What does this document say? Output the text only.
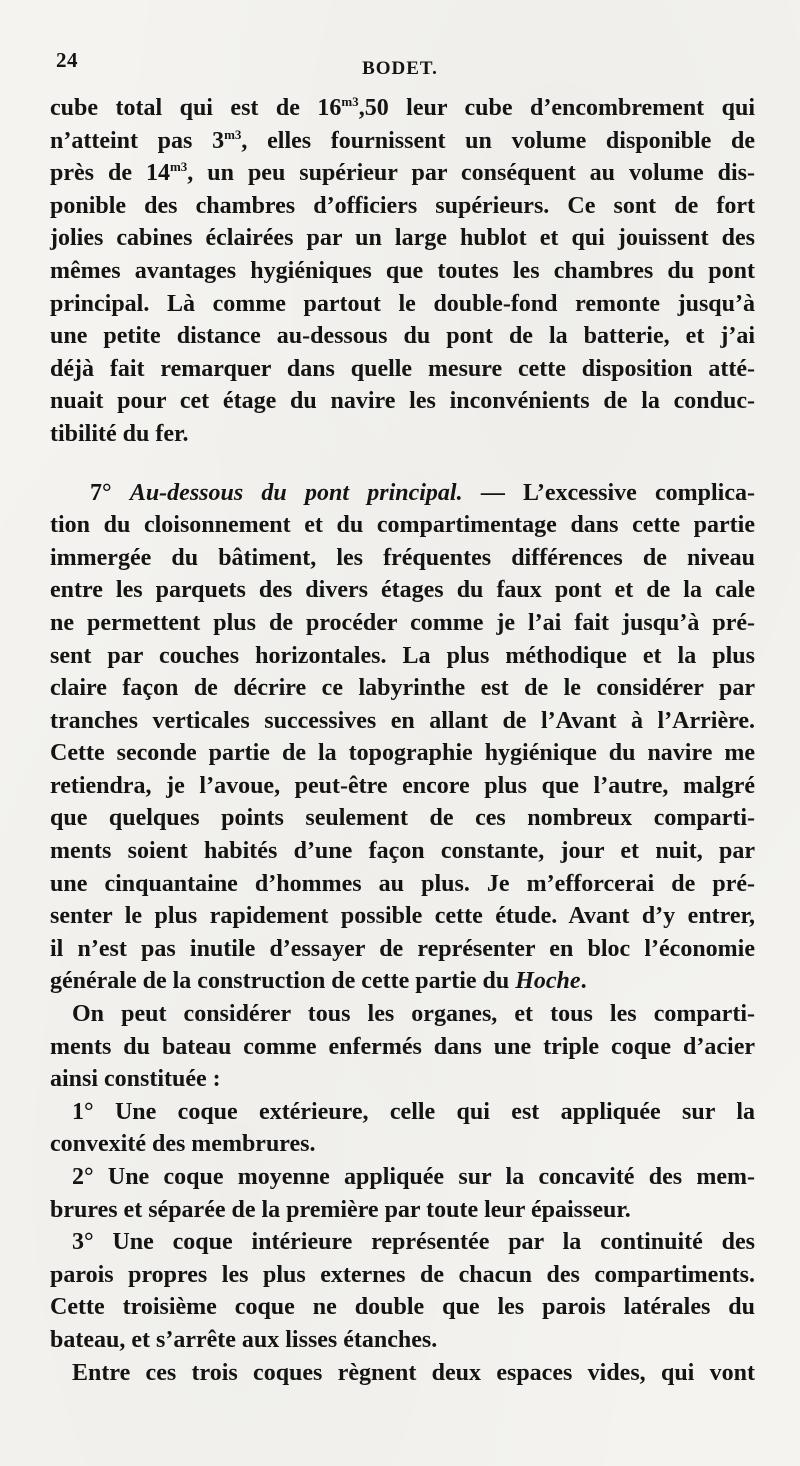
24	BODET.
cube total qui est de $16^{m3},50$ leur cube d’encombrement qui
n’atteint pas $3^{m3}$, elles fournissent un volume disponible de
près de $14^{m3}$, un peu supérieur par conséquent au volume dis-
ponible des chambres d’officiers supérieurs. Ce sont de fort
jolies cabines éclairées par un large hublot et qui jouissent des
mêmes avantages hygiéniques que toutes les chambres du pont
principal. Là comme partout le double-fond remonte jusqu’à
une petite distance au-dessous du pont de la batterie, et j’ai
déjà fait remarquer dans quelle mesure cette disposition atté-
nuait pour cet étage du navire les inconvénients de la conduc-
tibilité du fer.
7° Au-dessous du pont principal. — L’excessive complica-
tion du cloisonnement et du compartimentage dans cette partie
immergée du bâtiment, les fréquentes différences de niveau
entre les parquets des divers étages du faux pont et de la cale
ne permettent plus de procéder comme je l’ai fait jusqu’à pré-
sent par couches horizontales. La plus méthodique et la plus
claire façon de décrire ce labyrinthe est de le considérer par
tranches verticales successives en allant de l’Avant à l’Arrière.
Cette seconde partie de la topographie hygiénique du navire me
retiendra, je l’avoue, peut-être encore plus que l’autre, malgré
que quelques points seulement de ces nombreux comparti-
ments soient habités d’une façon constante, jour et nuit, par
une cinquantaine d’hommes au plus. Je m’efforcerai de pré-
senter le plus rapidement possible cette étude. Avant d’y entrer,
il n’est pas inutile d’essayer de représenter en bloc l’économie
générale de la construction de cette partie du Hoche.
On peut considérer tous les organes, et tous les comparti-
ments du bateau comme enfermés dans une triple coque d’acier
ainsi constituée :
1° Une coque extérieure, celle qui est appliquée sur la
convexité des membrures.
2° Une coque moyenne appliquée sur la concavité des mem-
brures et séparée de la première par toute leur épaisseur.
3° Une coque intérieure représentée par la continuité des
parois propres les plus externes de chacun des compartiments.
Cette troisième coque ne double que les parois latérales du
bateau, et s’arrête aux lisses étanches.
Entre ces trois coques règnent deux espaces vides, qui vont
